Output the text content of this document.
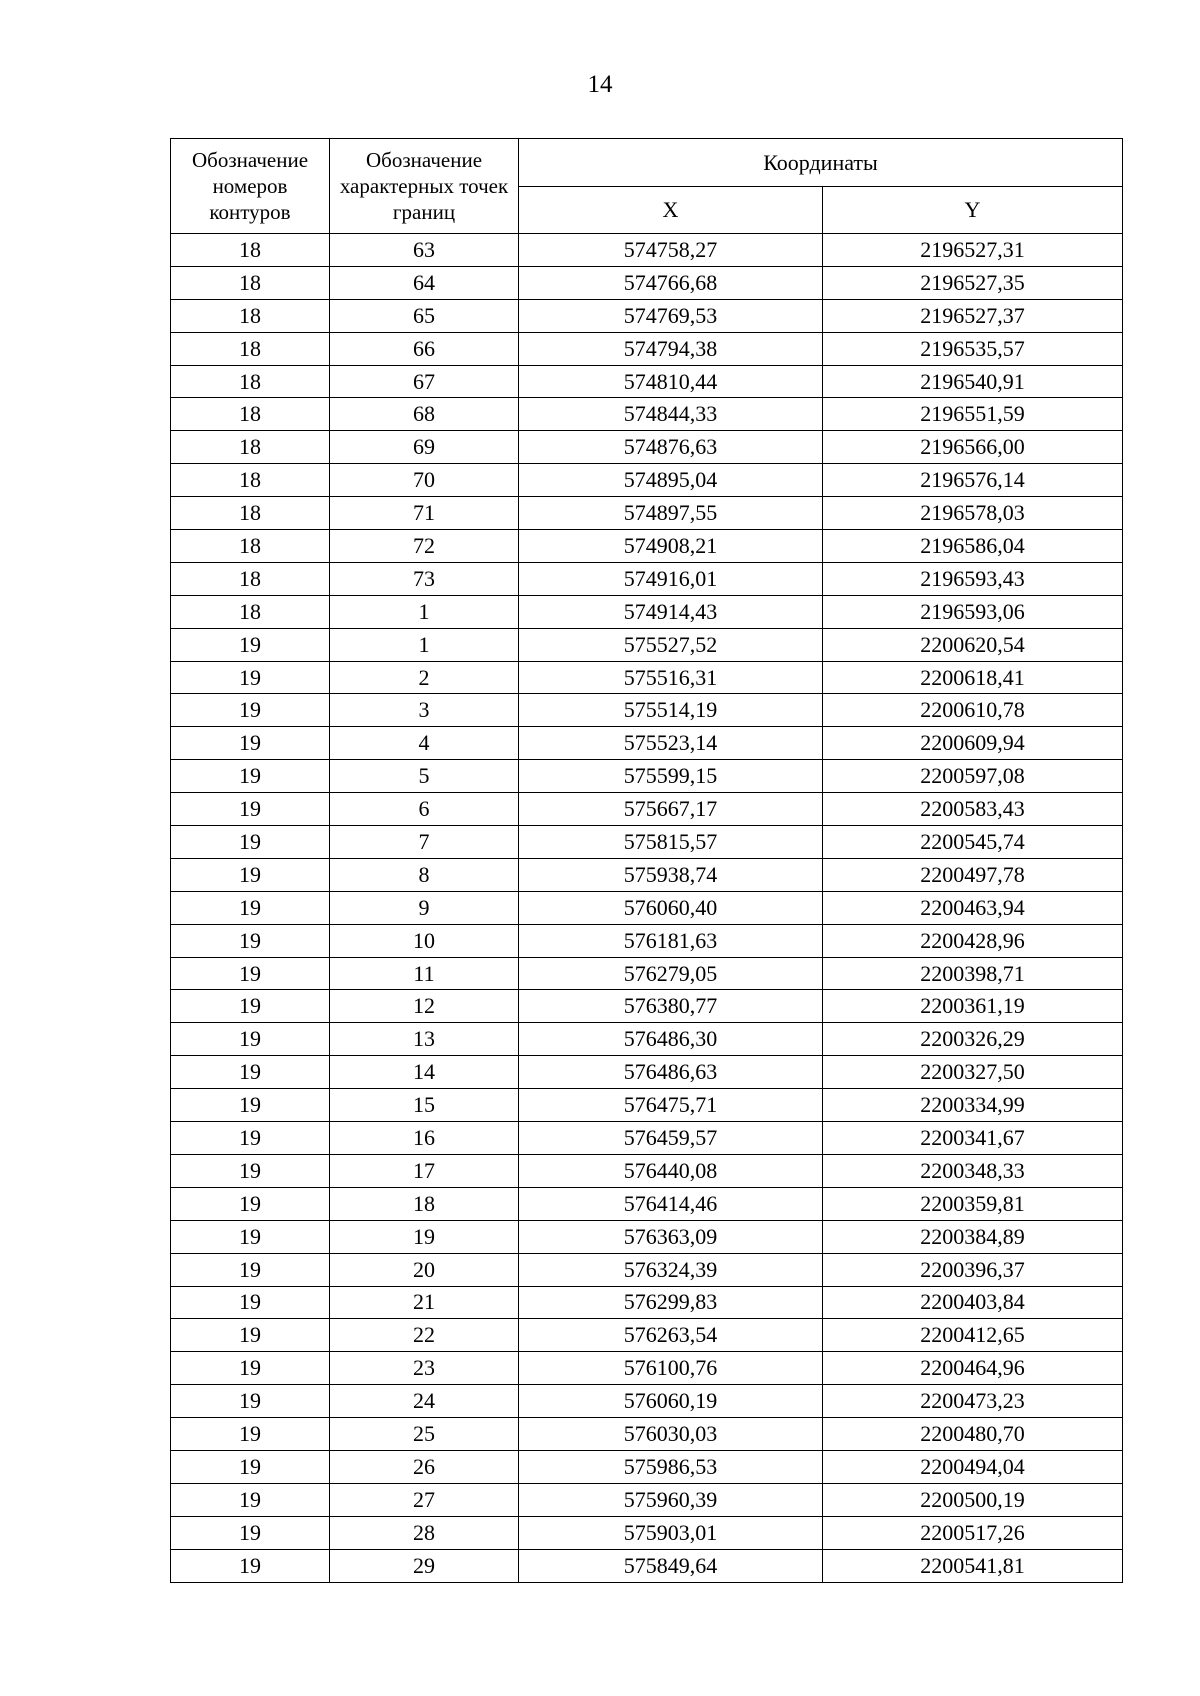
14
Обозначение номеров контуров	Обозначение характерных точек границ	Координаты	
		X	Y
18	63	574758,27	2196527,31
18	64	574766,68	2196527,35
18	65	574769,53	2196527,37
18	66	574794,38	2196535,57
18	67	574810,44	2196540,91
18	68	574844,33	2196551,59
18	69	574876,63	2196566,00
18	70	574895,04	2196576,14
18	71	574897,55	2196578,03
18	72	574908,21	2196586,04
18	73	574916,01	2196593,43
18	1	574914,43	2196593,06
19	1	575527,52	2200620,54
19	2	575516,31	2200618,41
19	3	575514,19	2200610,78
19	4	575523,14	2200609,94
19	5	575599,15	2200597,08
19	6	575667,17	2200583,43
19	7	575815,57	2200545,74
19	8	575938,74	2200497,78
19	9	576060,40	2200463,94
19	10	576181,63	2200428,96
19	11	576279,05	2200398,71
19	12	576380,77	2200361,19
19	13	576486,30	2200326,29
19	14	576486,63	2200327,50
19	15	576475,71	2200334,99
19	16	576459,57	2200341,67
19	17	576440,08	2200348,33
19	18	576414,46	2200359,81
19	19	576363,09	2200384,89
19	20	576324,39	2200396,37
19	21	576299,83	2200403,84
19	22	576263,54	2200412,65
19	23	576100,76	2200464,96
19	24	576060,19	2200473,23
19	25	576030,03	2200480,70
19	26	575986,53	2200494,04
19	27	575960,39	2200500,19
19	28	575903,01	2200517,26
19	29	575849,64	2200541,81
